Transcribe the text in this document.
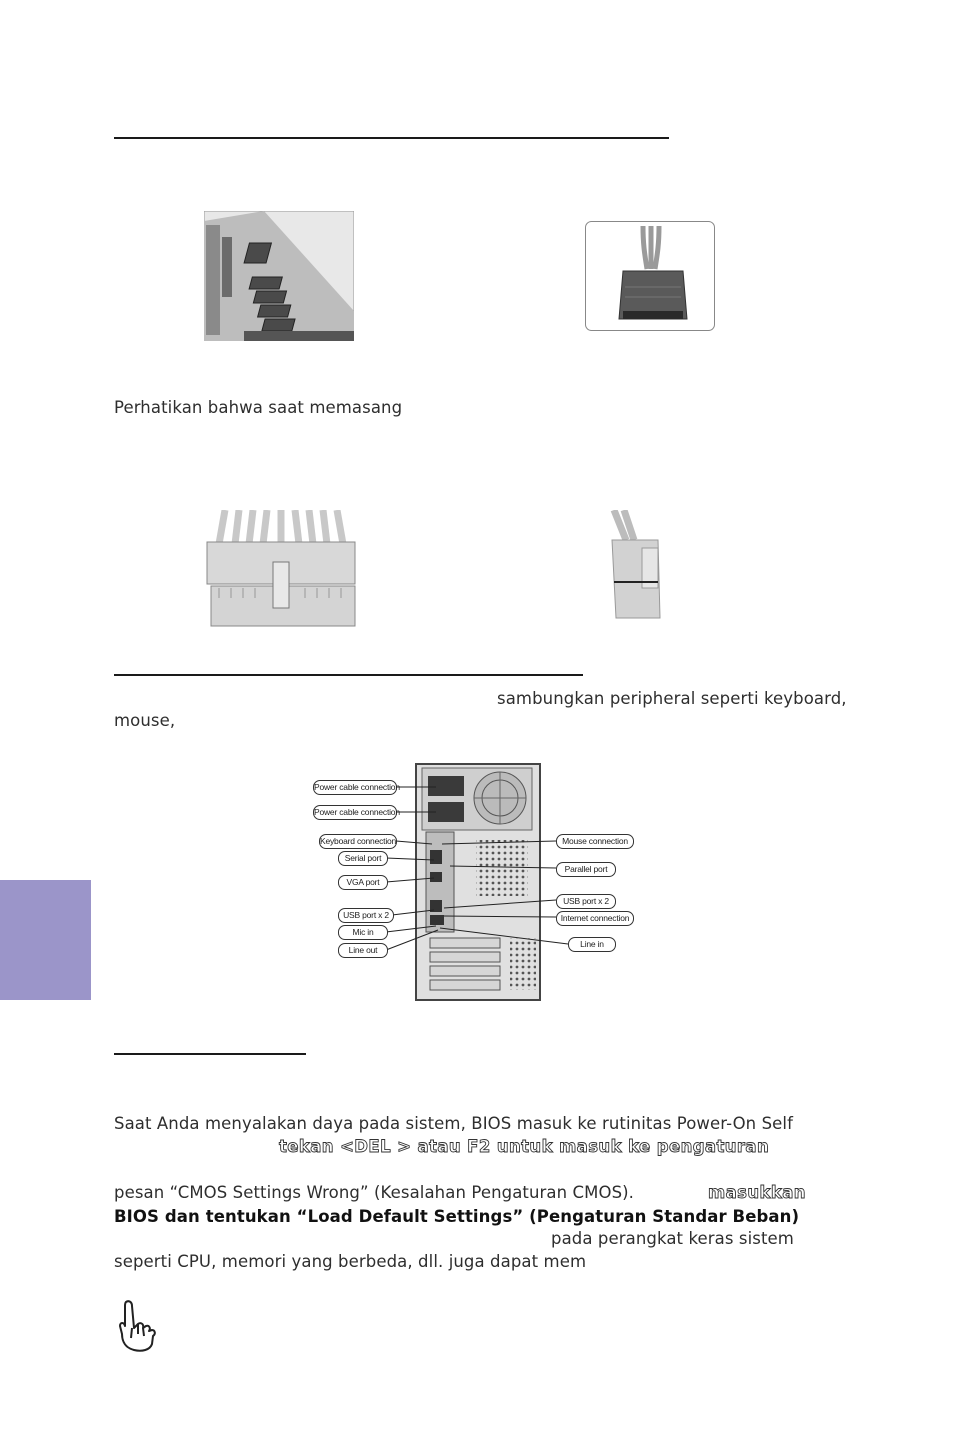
Perhatikan bahwa saat memasang
sambungkan peripheral seperti keyboard,
mouse,
Power cable connection
Power cable connection
Keyboard connection
Serial port
VGA port
USB port x 2
Mic in
Line out
Mouse connection
Parallel port
USB port x 2
Internet connection
Line in
Saat Anda menyalakan daya pada sistem, BIOS masuk ke rutinitas Power-On Self
tekan <DEL > atau F2 untuk masuk ke pengaturan
pesan “CMOS Settings Wrong” (Kesalahan Pengaturan CMOS).	masukkan
BIOS dan tentukan “Load Default Settings” (Pengaturan Standar Beban)
pada perangkat keras sistem
seperti CPU, memori yang berbeda, dll. juga dapat mem
